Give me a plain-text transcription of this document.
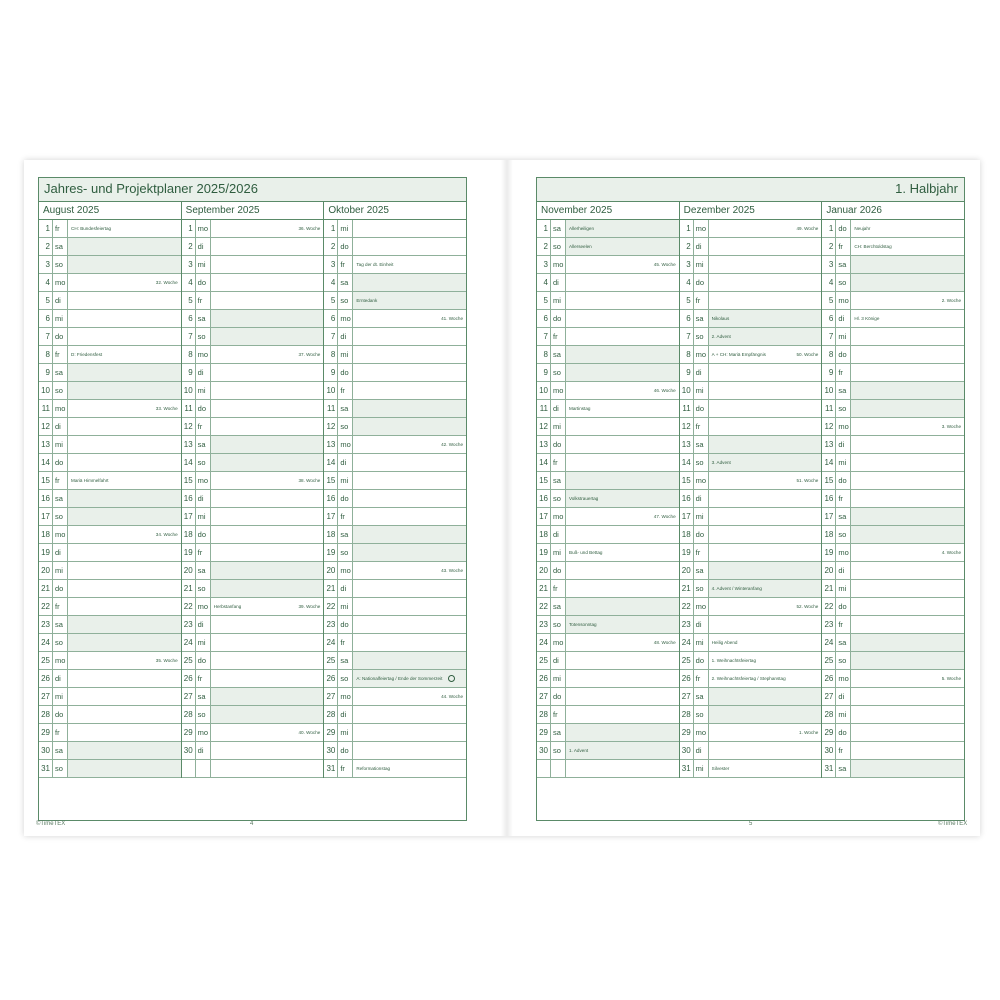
Jahres- und Projektplaner 2025/2026
August 2025
1 fr	CH: Bundesfeiertag
2 sa
3 so
4 mo	32. Woche
5 di
6 mi
7 do
8 fr	D: Friedensfest
9 sa
10 so
11 mo	33. Woche
12 di
13 mi
14 do
15 fr	Mariä Himmelfahrt
16 sa
17 so
18 mo	34. Woche
19 di
20 mi
21 do
22 fr
23 sa
24 so
25 mo	35. Woche
26 di
27 mi
28 do
29 fr
30 sa
31 so
September 2025
1 mo	36. Woche
2 di
3 mi
4 do
5 fr
6 sa
7 so
8 mo	37. Woche
9 di
10 mi
11 do
12 fr
13 sa
14 so
15 mo	38. Woche
16 di
17 mi
18 do
19 fr
20 sa
21 so
22 mo	Herbstanfang	39. Woche
23 di
24 mi
25 do
26 fr
27 sa
28 so
29 mo	40. Woche
30 di
Oktober 2025
1 mi
2 do
3 fr	Tag der dt. Einheit
4 sa
5 so	Erntedank
6 mo	41. Woche
7 di
8 mi
9 do
10 fr
11 sa
12 so
13 mo	42. Woche
14 di
15 mi
16 do
17 fr
18 sa
19 so
20 mo	43. Woche
21 di
22 mi
23 do
24 fr
25 sa
26 so	A: Nationalfeiertag / Ende der Sommerzeit
27 mo	44. Woche
28 di
29 mi
30 do
31 fr	Reformationstag
©TimeTEX	4
1. Halbjahr
November 2025
1 sa	Allerheiligen
2 so	Allerseelen
3 mo	45. Woche
4 di
5 mi
6 do
7 fr
8 sa
9 so
10 mo	46. Woche
11 di	Martinstag
12 mi
13 do
14 fr
15 sa
16 so	Volkstrauertag
17 mo	47. Woche
18 di
19 mi	Buß- und Bettag
20 do
21 fr
22 sa
23 so	Totensonntag
24 mo	48. Woche
25 di
26 mi
27 do
28 fr
29 sa
30 so	1. Advent
Dezember 2025
1 mo	49. Woche
2 di
3 mi
4 do
5 fr
6 sa	Nikolaus
7 so	2. Advent
8 mo	A + CH: Mariä Empfängnis	50. Woche
9 di
10 mi
11 do
12 fr
13 sa
14 so	3. Advent
15 mo	51. Woche
16 di
17 mi
18 do
19 fr
20 sa
21 so	4. Advent / Winteranfang
22 mo	52. Woche
23 di
24 mi	Heilig Abend
25 do	1. Weihnachtsfeiertag
26 fr	2. Weihnachtsfeiertag / Stephanstag
27 sa
28 so
29 mo	1. Woche
30 di
31 mi	Silvester
Januar 2026
1 do	Neujahr
2 fr	CH: Berchtoldstag
3 sa
4 so
5 mo	2. Woche
6 di	Hl. 3 Könige
7 mi
8 do
9 fr
10 sa
11 so
12 mo	3. Woche
13 di
14 mi
15 do
16 fr
17 sa
18 so
19 mo	4. Woche
20 di
21 mi
22 do
23 fr
24 sa
25 so
26 mo	5. Woche
27 di
28 mi
29 do
30 fr
31 sa
5	©TimeTEX
